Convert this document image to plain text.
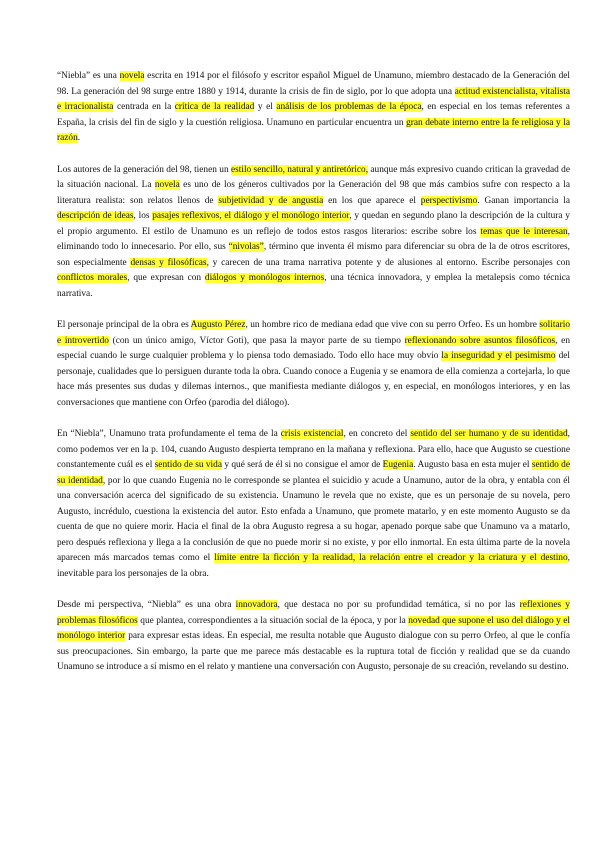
“Niebla” es una novela escrita en 1914 por el filósofo y escritor español Miguel de Unamuno, miembro destacado de la Generación del 98. La generación del 98 surge entre 1880 y 1914, durante la crisis de fin de siglo, por lo que adopta una actitud existencialista, vitalista e irracionalista centrada en la crítica de la realidad y el análisis de los problemas de la época, en especial en los temas referentes a España, la crisis del fin de siglo y la cuestión religiosa. Unamuno en particular encuentra un gran debate interno entre la fe religiosa y la razón.

Los autores de la generación del 98, tienen un estilo sencillo, natural y antiretórico, aunque más expresivo cuando critican la gravedad de la situación nacional. La novela es uno de los géneros cultivados por la Generación del 98 que más cambios sufre con respecto a la literatura realista: son relatos llenos de subjetividad y de angustia en los que aparece el perspectivismo. Ganan importancia la descripción de ideas, los pasajes reflexivos, el diálogo y el monólogo interior, y quedan en segundo plano la descripción de la cultura y el propio argumento. El estilo de Unamuno es un reflejo de todos estos rasgos literarios: escribe sobre los temas que le interesan, eliminando todo lo innecesario. Por ello, sus “nivolas”, término que inventa él mismo para diferenciar su obra de la de otros escritores, son especialmente densas y filosóficas, y carecen de una trama narrativa potente y de alusiones al entorno. Escribe personajes con conflictos morales, que expresan con diálogos y monólogos internos, una técnica innovadora, y emplea la metalepsis como técnica narrativa.

El personaje principal de la obra es Augusto Pérez, un hombre rico de mediana edad que vive con su perro Orfeo. Es un hombre solitario e introvertido (con un único amigo, Víctor Goti), que pasa la mayor parte de su tiempo reflexionando sobre asuntos filosóficos, en especial cuando le surge cualquier problema y lo piensa todo demasiado. Todo ello hace muy obvio la inseguridad y el pesimismo del personaje, cualidades que lo persiguen durante toda la obra. Cuando conoce a Eugenia y se enamora de ella comienza a cortejarla, lo que hace más presentes sus dudas y dilemas internos., que manifiesta mediante diálogos y, en especial, en monólogos interiores, y en las conversaciones que mantiene con Orfeo (parodia del diálogo).

En “Niebla”, Unamuno trata profundamente el tema de la crisis existencial, en concreto del sentido del ser humano y de su identidad, como podemos ver en la p. 104, cuando Augusto despierta temprano en la mañana y reflexiona. Para ello, hace que Augusto se cuestione constantemente cuál es el sentido de su vida y qué será de él si no consigue el amor de Eugenia. Augusto basa en esta mujer el sentido de su identidad, por lo que cuando Eugenia no le corresponde se plantea el suicidio y acude a Unamuno, autor de la obra, y entabla con él una conversación acerca del significado de su existencia. Unamuno le revela que no existe, que es un personaje de su novela, pero Augusto, incrédulo, cuestiona la existencia del autor. Esto enfada a Unamuno, que promete matarlo, y en este momento Augusto se da cuenta de que no quiere morir. Hacia el final de la obra Augusto regresa a su hogar, apenado porque sabe que Unamuno va a matarlo, pero después reflexiona y llega a la conclusión de que no puede morir si no existe, y por ello inmortal. En esta última parte de la novela aparecen más marcados temas como el límite entre la ficción y la realidad, la relación entre el creador y la criatura y el destino, inevitable para los personajes de la obra.

Desde mi perspectiva, “Niebla” es una obra innovadora, que destaca no por su profundidad temática, si no por las reflexiones y problemas filosóficos que plantea, correspondientes a la situación social de la época, y por la novedad que supone el uso del diálogo y el monólogo interior para expresar estas ideas. En especial, me resulta notable que Augusto dialogue con su perro Orfeo, al que le confía sus preocupaciones. Sin embargo, la parte que me parece más destacable es la ruptura total de ficción y realidad que se da cuando Unamuno se introduce a sí mismo en el relato y mantiene una conversación con Augusto, personaje de su creación, revelando su destino.
